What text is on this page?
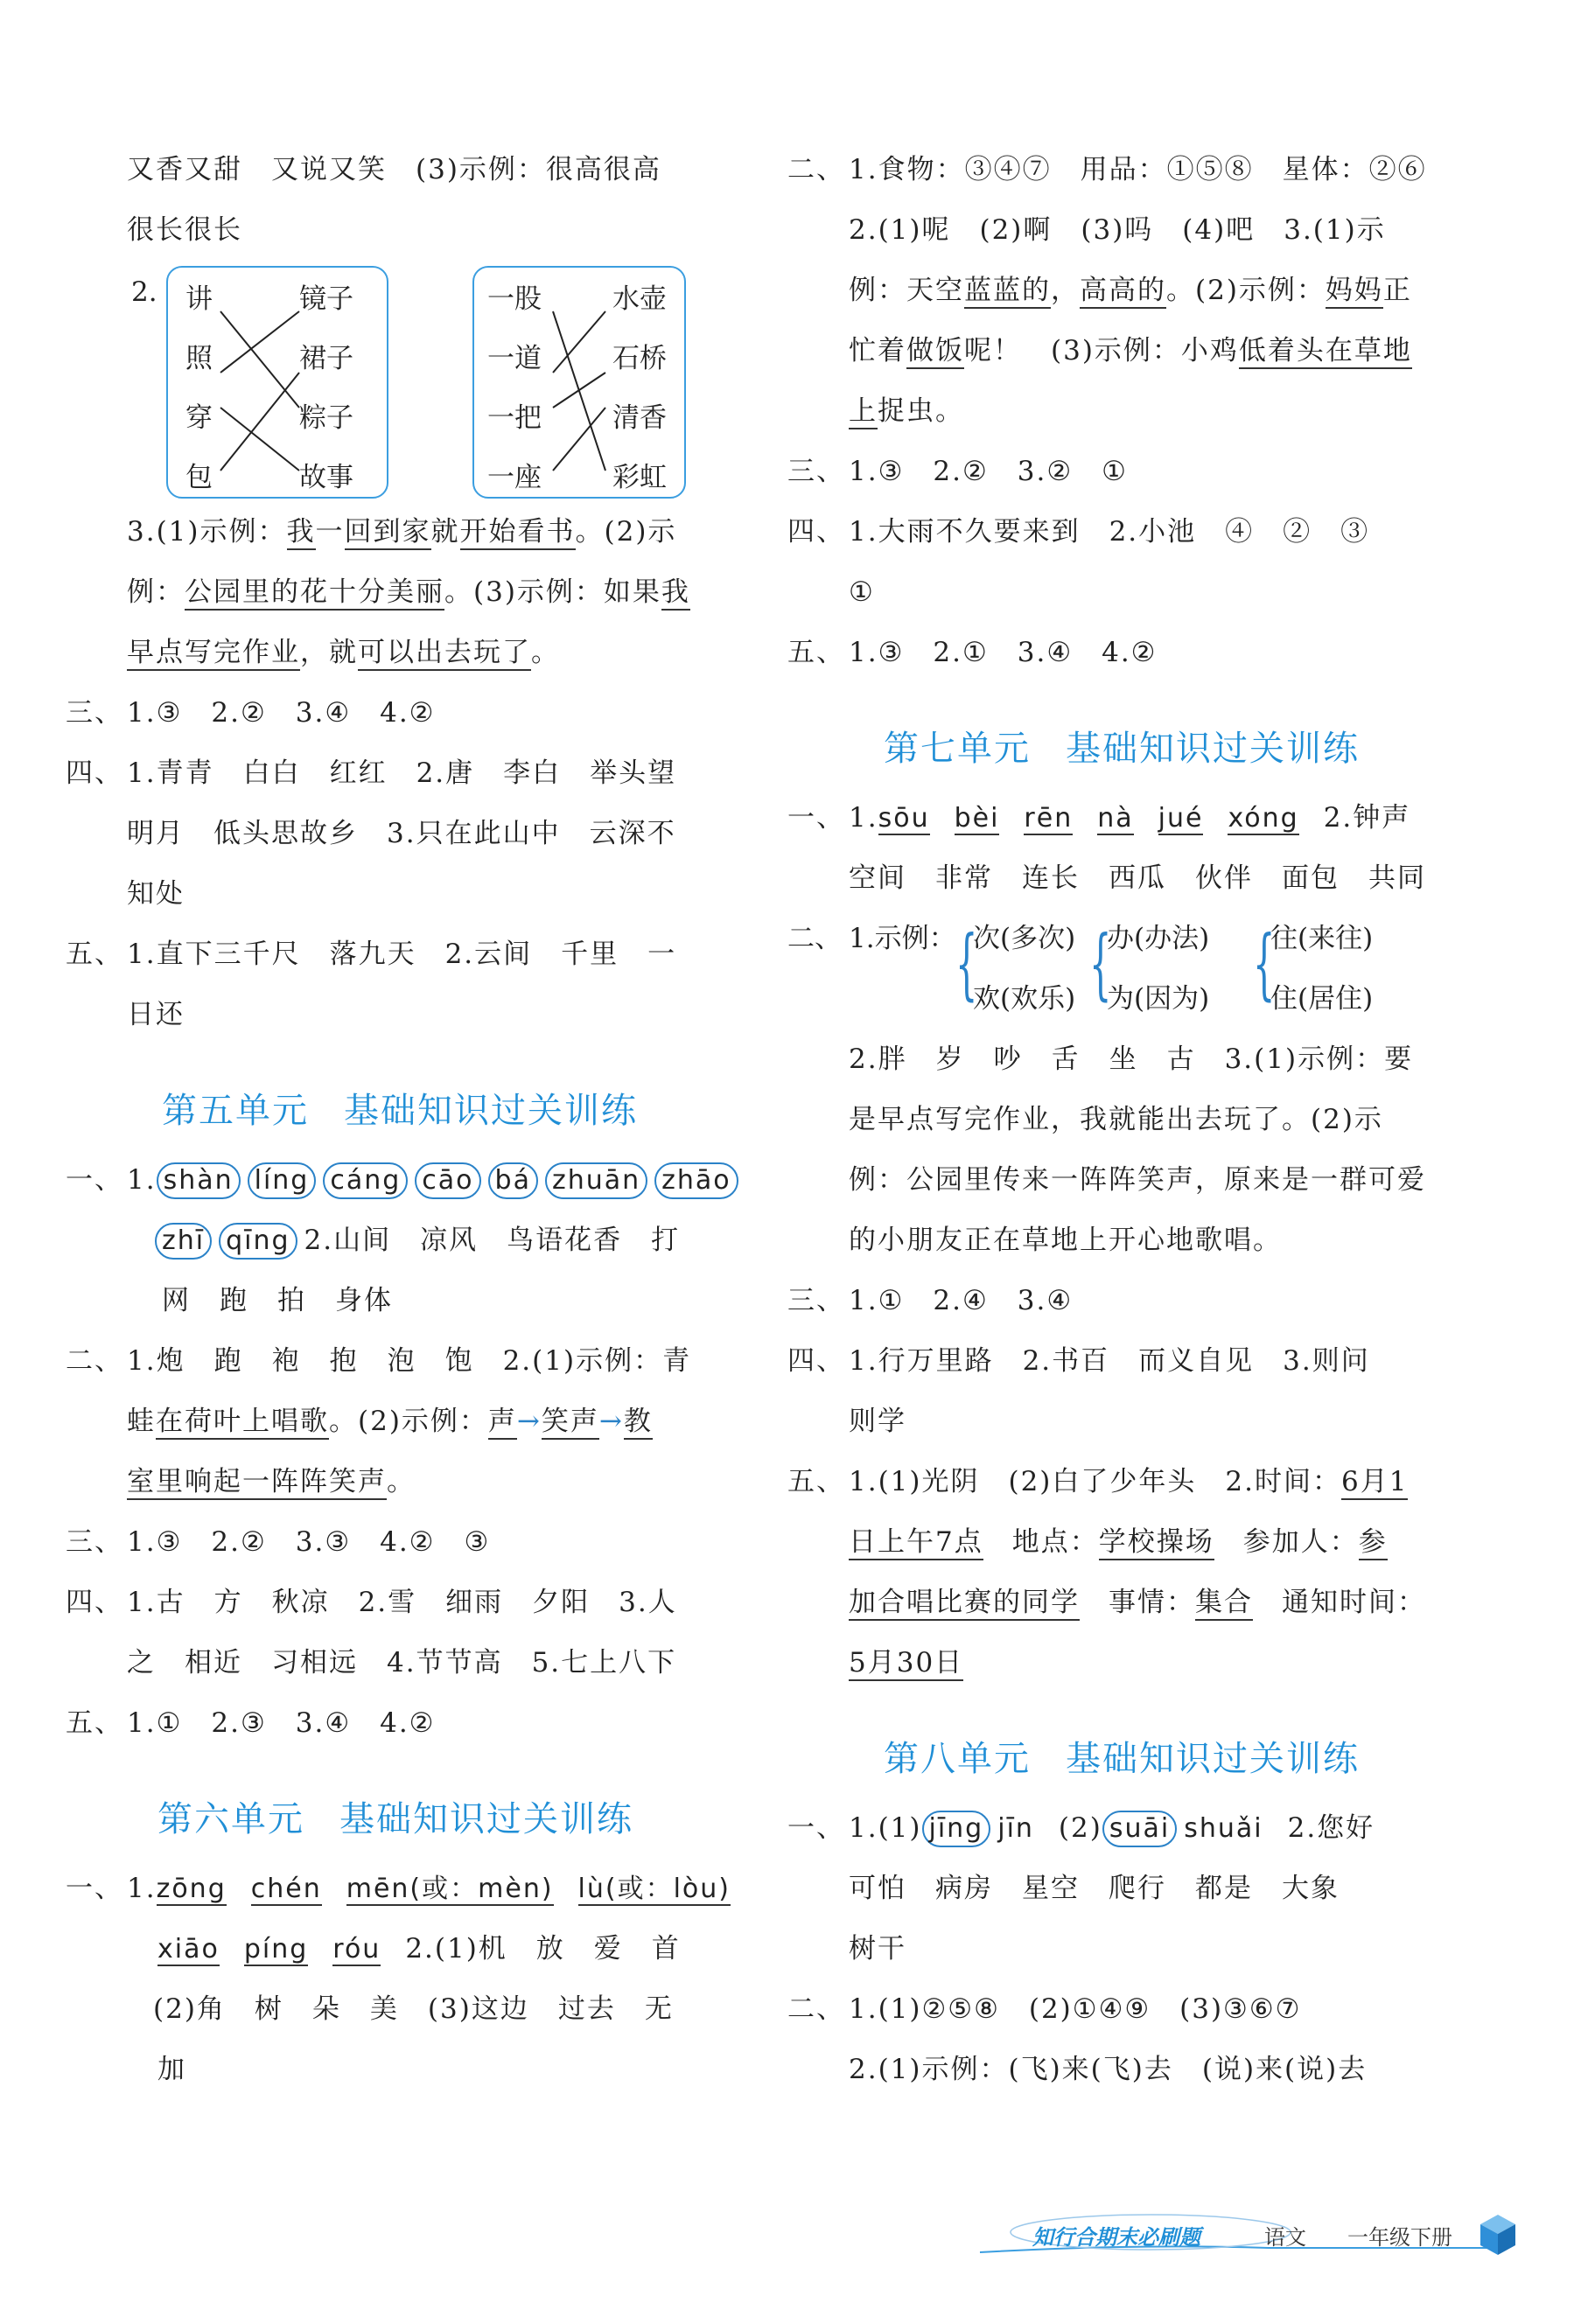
又香又甜　又说又笑　(3)示例：很高很高
很长很长
2. 讲
照
穿
包
镜子
裙子
粽子
故事
一股
一道
一把
一座
水壶
石桥
清香
彩虹
3.(1)示例：我一回到家就开始看书。(2)示
例：公园里的花十分美丽。(3)示例：如果我
早点写完作业，就可以出去玩了。
三、 1.③　2.②　3.④　4.②
四、 1.青青　白白　红红　2.唐　李白　举头望
明月　低头思故乡　3.只在此山中　云深不
知处
五、 1.直下三千尺　落九天　2.云间　千里　一
日还
第五单元 基础知识过关训练
一、 1. shàn líng cáng cāo bá zhuān zhāo
zhī qīng 2.山间　凉风　鸟语花香　打
网　跑　拍　身体
二、 1.炮　跑　袍　抱　泡　饱　2.(1)示例：青
蛙在荷叶上唱歌。(2)示例：声→笑声→教
室里响起一阵阵笑声。
三、 1.③　2.②　3.③　4.②　③
四、 1.古　方　秋凉　2.雪　细雨　夕阳　3.人
之　相近　习相远　4.节节高　5.七上八下
五、 1.①　2.③　3.④　4.②
第六单元 基础知识过关训练
一、 1.zōng chén mēn(或：mèn) lù(或：lòu)
xiāo píng róu 2.(1)机　放　爱　首
(2)角　树　朵　美　(3)这边　过去　无
加
二、 1.食物：③④⑦　用品：①⑤⑧　星体：②⑥
2.(1)呢　(2)啊　(3)吗　(4)吧　3.(1)示
例：天空蓝蓝的，高高的。(2)示例：妈妈正
忙着做饭呢！　(3)示例：小鸡低着头在草地
上捉虫。
三、 1.③　2.②　3.②　①
四、 1.大雨不久要来到　2.小池　④　②　③
①
五、 1.③　2.①　3.④　4.②
第七单元 基础知识过关训练
一、 1.sōu bèi rēn nà jué xóng 2.钟声
空间　非常　连长　西瓜　伙伴　面包　共同
二、 1.示例： {
次(多次)
欢(欢乐) {
办(办法)
为(因为) {
往(来往)
住(居住)
2.胖　岁　吵　舌　坐　古　3.(1)示例：要
是早点写完作业，我就能出去玩了。(2)示
例：公园里传来一阵阵笑声，原来是一群可爱
的小朋友正在草地上开心地歌唱。
三、 1.①　2.④　3.④
四、 1.行万里路　2.书百　而义自见　3.则问
则学
五、 1.(1)光阴　(2)白了少年头　2.时间：6月1
日上午7点　地点：学校操场　参加人：参
加合唱比赛的同学　事情：集合　通知时间：
5月30日
第八单元 基础知识过关训练
一、 1.(1) jīng jīn (2) suāi shuǎi 2.您好
可怕　病房　星空　爬行　都是　大象
树干
二、 1.(1)②⑤⑧　(2)①④⑨　(3)③⑥⑦
2.(1)示例：(飞)来(飞)去　(说)来(说)去
知行合期末必刷题	语文 一年级下册
